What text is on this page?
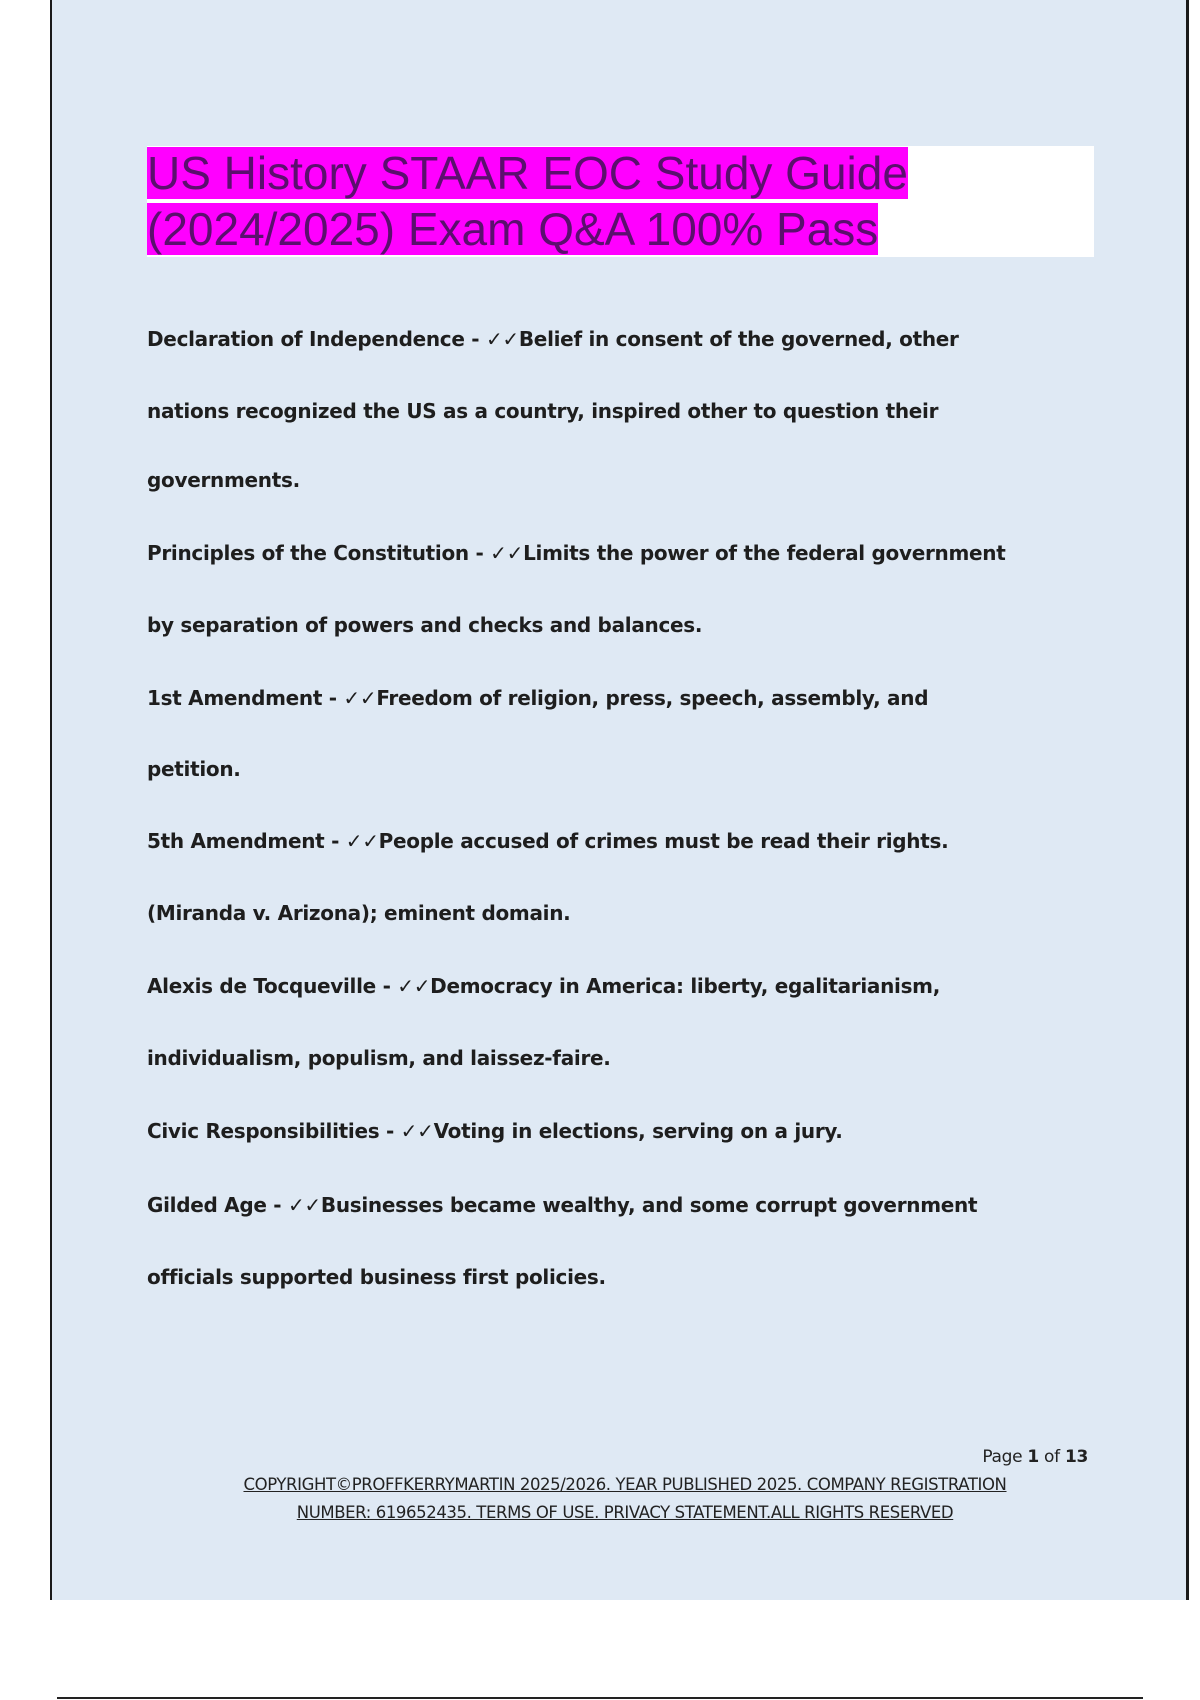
US History STAAR EOC Study Guide
(2024/2025) Exam Q&A 100% Pass
Declaration of Independence - ✓✓Belief in consent of the governed, other
nations recognized the US as a country, inspired other to question their
governments.
Principles of the Constitution - ✓✓Limits the power of the federal government
by separation of powers and checks and balances.
1st Amendment - ✓✓Freedom of religion, press, speech, assembly, and
petition.
5th Amendment - ✓✓People accused of crimes must be read their rights.
(Miranda v. Arizona); eminent domain.
Alexis de Tocqueville - ✓✓Democracy in America: liberty, egalitarianism,
individualism, populism, and laissez-faire.
Civic Responsibilities - ✓✓Voting in elections, serving on a jury.
Gilded Age - ✓✓Businesses became wealthy, and some corrupt government
officials supported business first policies.
Page 1 of 13
COPYRIGHT©PROFFKERRYMARTIN 2025/2026. YEAR PUBLISHED 2025. COMPANY REGISTRATION
NUMBER: 619652435. TERMS OF USE. PRIVACY STATEMENT.ALL RIGHTS RESERVED
